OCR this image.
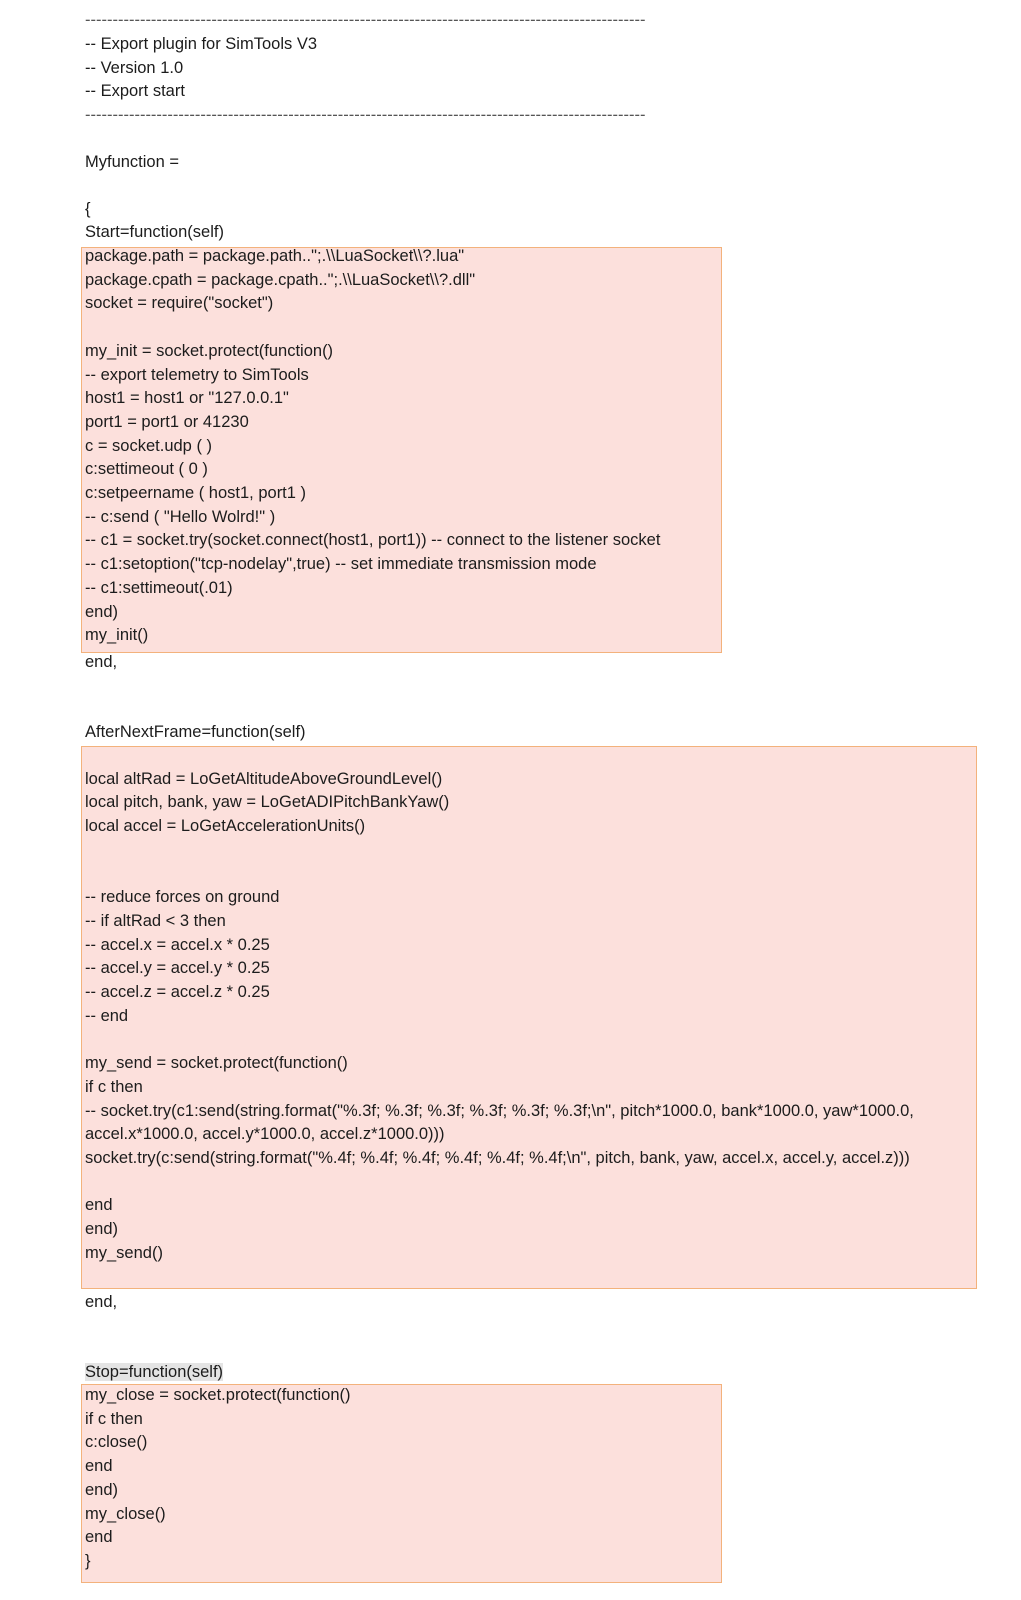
------------------------------------------------------------------------------------------------------
-- Export plugin for SimTools V3
-- Version 1.0
-- Export start
------------------------------------------------------------------------------------------------------
Myfunction =
{
Start=function(self)
package.path = package.path..";.\\LuaSocket\\?.lua"
package.cpath = package.cpath..";.\\LuaSocket\\?.dll"
socket = require("socket")
my_init = socket.protect(function()
-- export telemetry to SimTools
host1 = host1 or "127.0.0.1"
port1 = port1 or 41230
c = socket.udp ( )
c:settimeout ( 0 )
c:setpeername ( host1, port1 )
-- c:send ( "Hello Wolrd!" )
-- c1 = socket.try(socket.connect(host1, port1)) -- connect to the listener socket
-- c1:setoption("tcp-nodelay",true) -- set immediate transmission mode
-- c1:settimeout(.01)
end)
my_init()
end,
AfterNextFrame=function(self)
local altRad = LoGetAltitudeAboveGroundLevel()
local pitch, bank, yaw = LoGetADIPitchBankYaw()
local accel = LoGetAccelerationUnits()
-- reduce forces on ground
-- if altRad < 3 then
-- accel.x = accel.x * 0.25
-- accel.y = accel.y * 0.25
-- accel.z = accel.z * 0.25
-- end
my_send = socket.protect(function()
if c then
-- socket.try(c1:send(string.format("%.3f; %.3f; %.3f; %.3f; %.3f; %.3f;\n", pitch*1000.0, bank*1000.0, yaw*1000.0,
accel.x*1000.0, accel.y*1000.0, accel.z*1000.0)))
socket.try(c:send(string.format("%.4f; %.4f; %.4f; %.4f; %.4f; %.4f;\n", pitch, bank, yaw, accel.x, accel.y, accel.z)))
end
end)
my_send()
end,
Stop=function(self)
my_close = socket.protect(function()
if c then
c:close()
end
end)
my_close()
end
}
